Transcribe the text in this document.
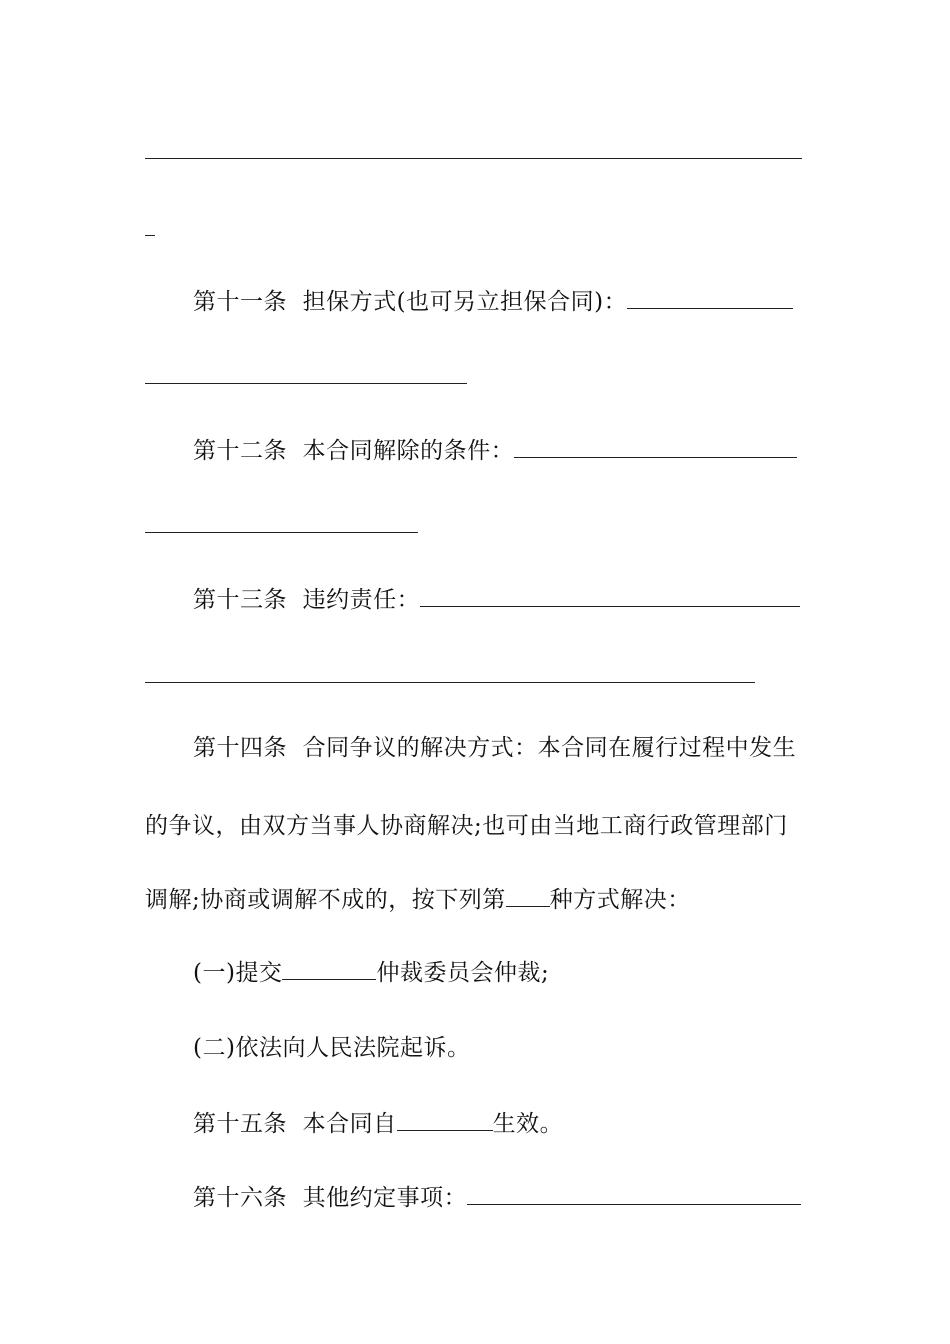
第十一条 担保方式(也可另立担保合同)：
第十二条 本合同解除的条件：
第十三条 违约责任：
第十四条 合同争议的解决方式：本合同在履行过程中发生
的争议，由双方当事人协商解决;也可由当地工商行政管理部门
调解;协商或调解不成的，按下列第 种方式解决：
(一)提交	仲裁委员会仲裁;
(二)依法向人民法院起诉。
第十五条 本合同自	生效。
第十六条 其他约定事项：
